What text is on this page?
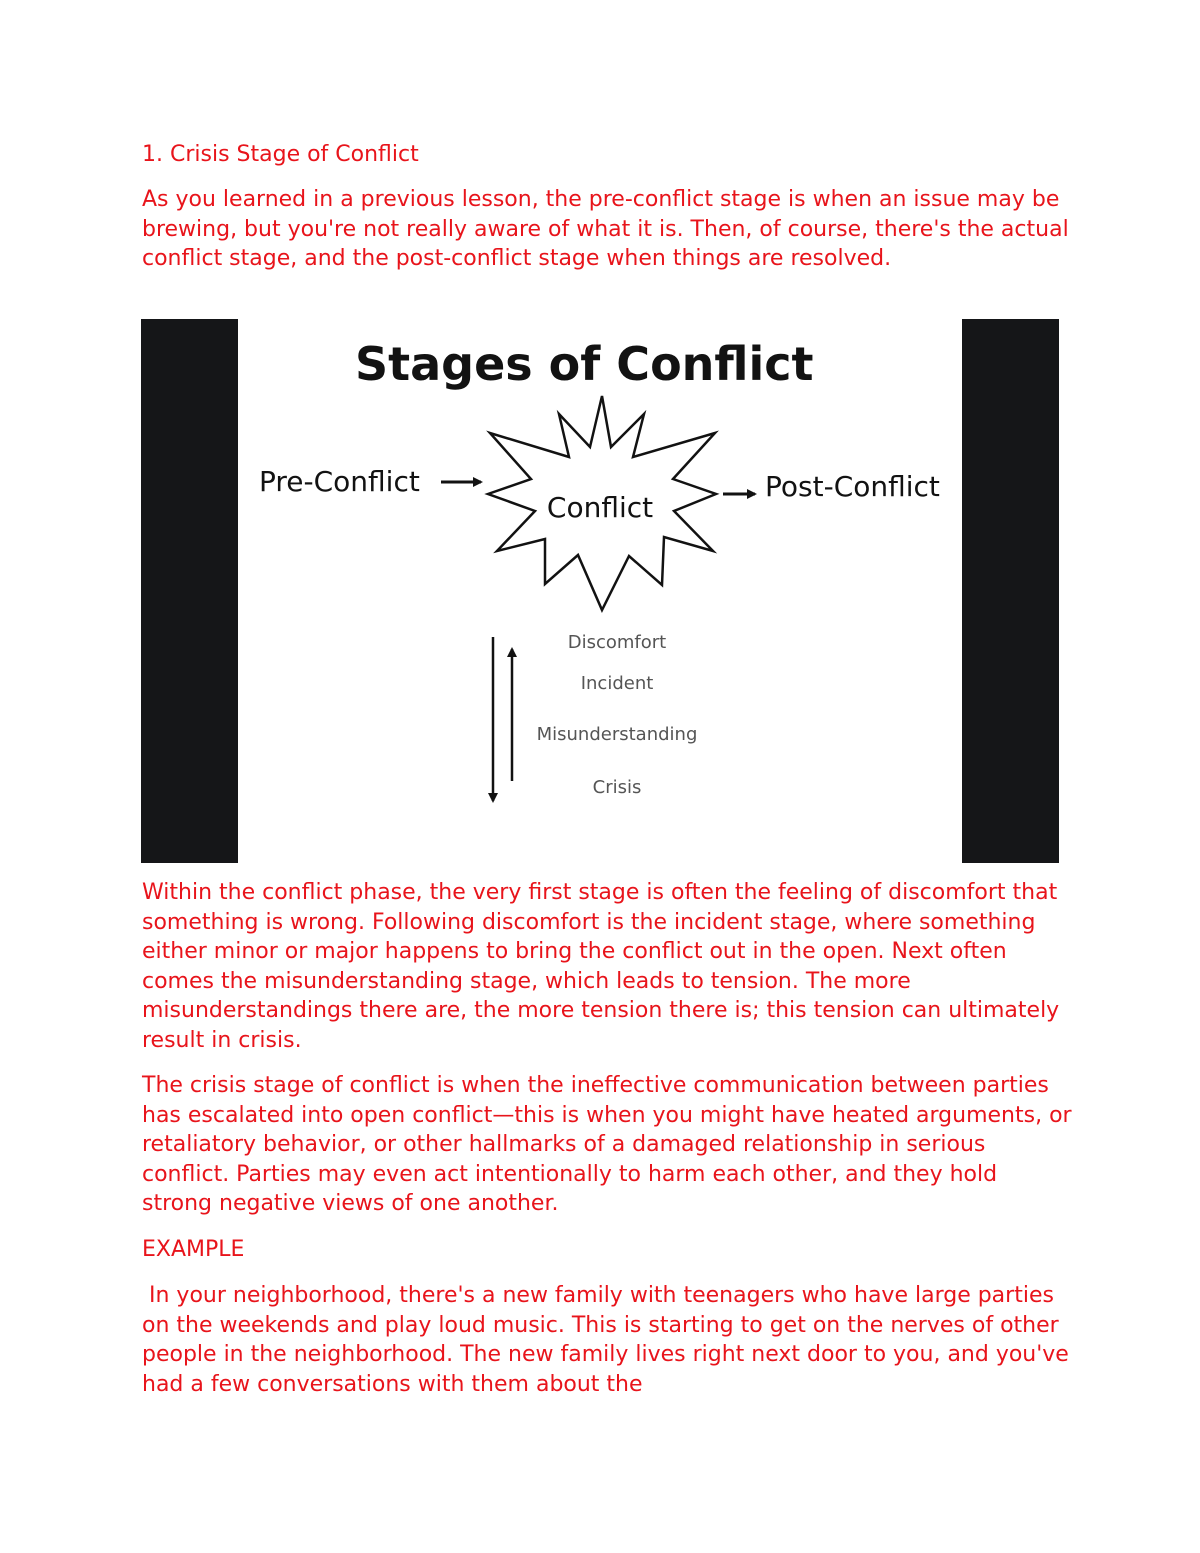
1. Crisis Stage of Conflict

As you learned in a previous lesson, the pre-conflict stage is when an issue may be brewing, but you're not really aware of what it is. Then, of course, there's the actual conflict stage, and the post-conflict stage when things are resolved.

Stages of Conflict
Pre-Conflict
Conflict
Post-Conflict
Discomfort
Incident
Misunderstanding
Crisis

Within the conflict phase, the very first stage is often the feeling of discomfort that something is wrong. Following discomfort is the incident stage, where something either minor or major happens to bring the conflict out in the open. Next often comes the misunderstanding stage, which leads to tension. The more misunderstandings there are, the more tension there is; this tension can ultimately result in crisis.

The crisis stage of conflict is when the ineffective communication between parties has escalated into open conflict—this is when you might have heated arguments, or retaliatory behavior, or other hallmarks of a damaged relationship in serious conflict. Parties may even act intentionally to harm each other, and they hold strong negative views of one another.

EXAMPLE

In your neighborhood, there's a new family with teenagers who have large parties on the weekends and play loud music. This is starting to get on the nerves of other people in the neighborhood. The new family lives right next door to you, and you've had a few conversations with them about the
